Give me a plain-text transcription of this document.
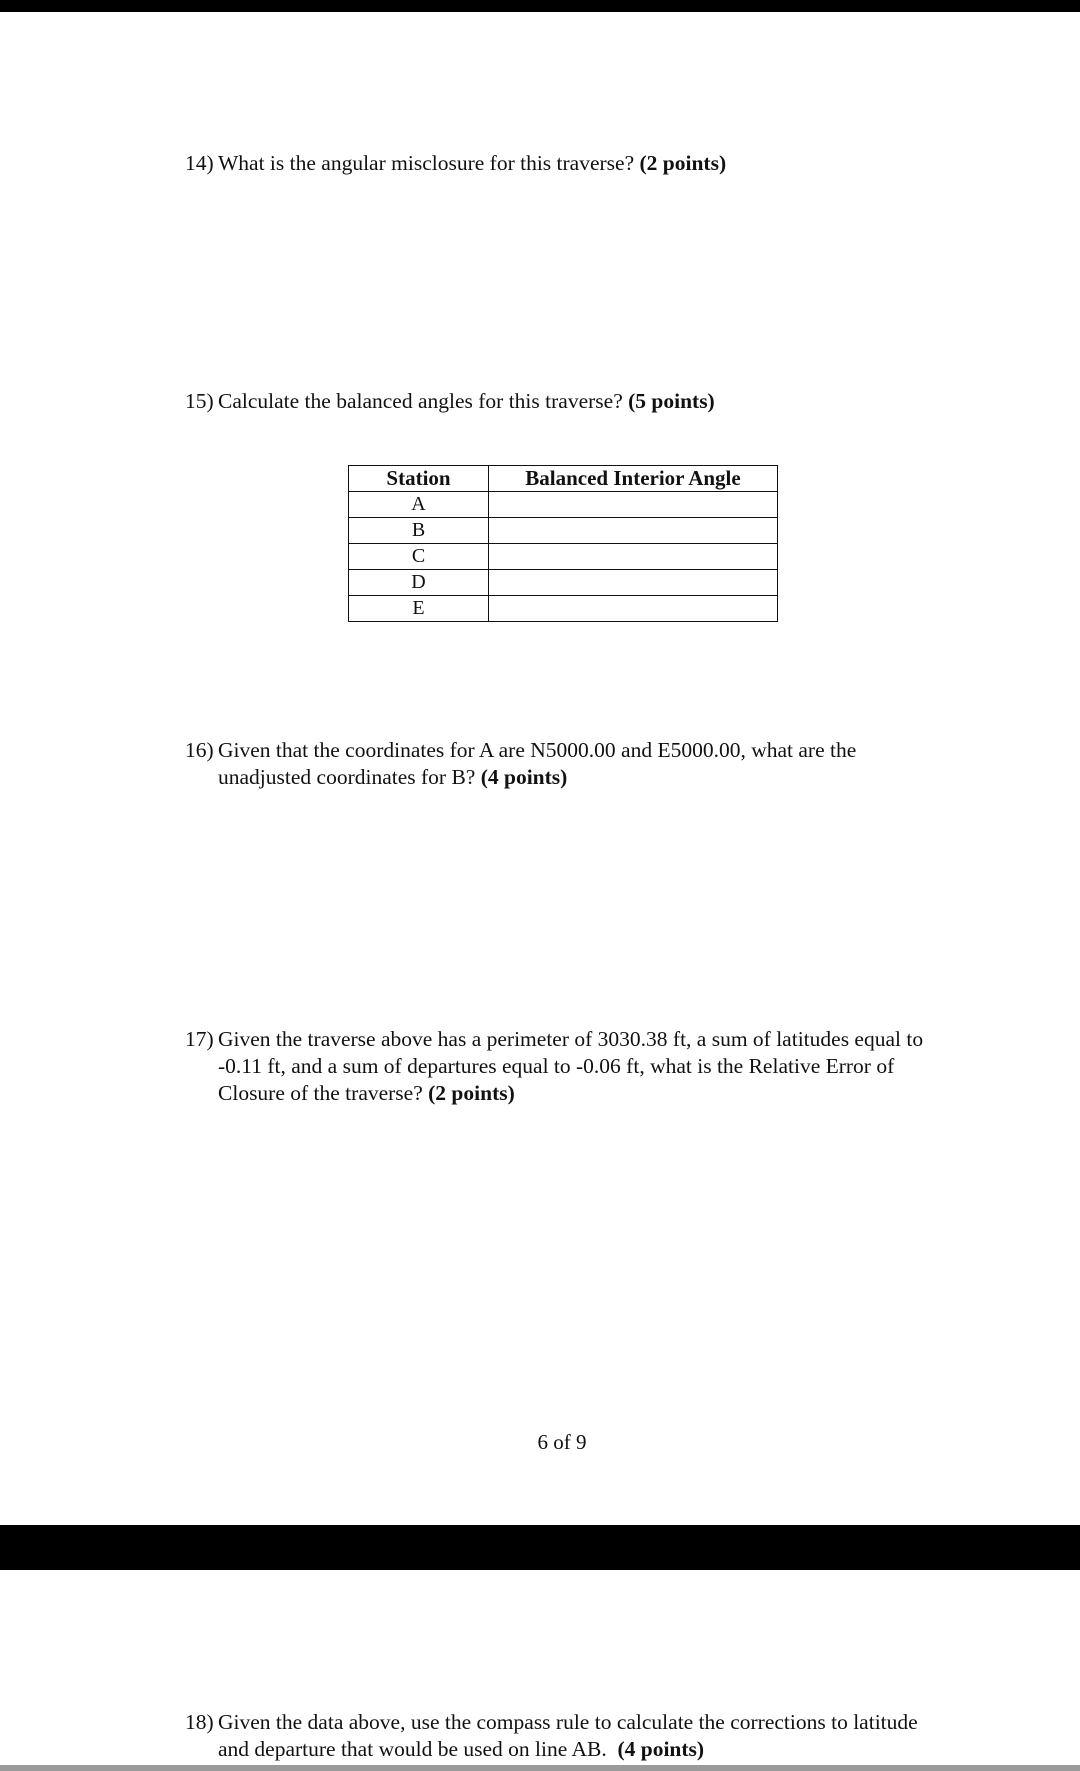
14) What is the angular misclosure for this traverse? (2 points)
15) Calculate the balanced angles for this traverse? (5 points)
Station	Balanced Interior Angle
A	
B	
C	
D	
E	
16) Given that the coordinates for A are N5000.00 and E5000.00, what are the
unadjusted coordinates for B? (4 points)
17) Given the traverse above has a perimeter of 3030.38 ft, a sum of latitudes equal to
-0.11 ft, and a sum of departures equal to -0.06 ft, what is the Relative Error of
Closure of the traverse? (2 points)
6 of 9
18) Given the data above, use the compass rule to calculate the corrections to latitude
and departure that would be used on line AB. (4 points)
